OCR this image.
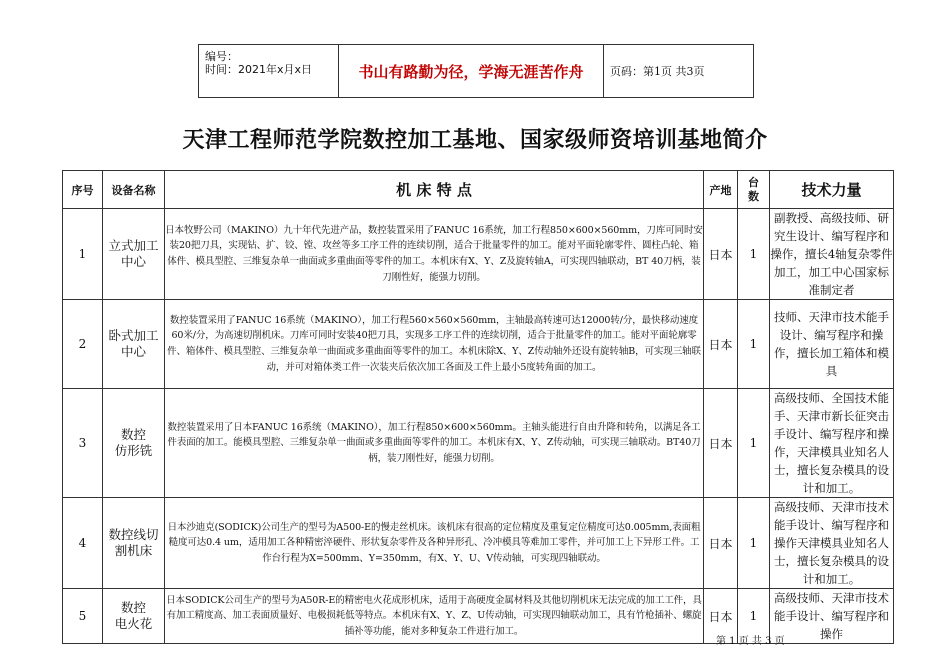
编号：
时间：2021年x月x日	书山有路勤为径，学海无涯苦作舟	页码：第1页 共3页
天津工程师范学院数控加工基地、国家级师资培训基地简介
序号	设备名称	机 床 特 点	产地	台数	技术力量
1	立式加工
中心	日本牧野公司（MAKINO）九十年代先进产品，数控装置采用了FANUC 16系统，加工行程850×600×560mm，刀库可同时安装20把刀具，实现钻、扩、铰、镗、攻丝等多工序工件的连续切削，适合于批量零件的加工。能对平面轮廓零件、圆柱凸轮、箱体件、模具型腔、三维复杂单一曲面或多重曲面等零件的加工。本机床有X、Y、Z及旋转轴A，可实现四轴联动，BT 40刀柄，装刀刚性好，能强力切削。	日本	1	副教授、高级技师、研究生设计、编写程序和操作，擅长4轴复杂零件加工，加工中心国家标准制定者
2	卧式加工
中心	数控装置采用了FANUC 16系统（MAKINO），加工行程560×560×560mm，主轴最高转速可达12000转/分，最快移动速度60米/分，为高速切削机床。刀库可同时安装40把刀具，实现多工序工件的连续切削，适合于批量零件的加工。能对平面轮廓零件、箱体件、模具型腔、三维复杂单一曲面或多重曲面等零件的加工。本机床除X、Y、Z传动轴外还设有旋转轴B，可实现三轴联动，并可对箱体类工件一次装夹后依次加工各面及工件上最小5度转角面的加工。	日本	1	技师、天津市技术能手设计、编写程序和操作，擅长加工箱体和模具
3	数控
仿形铣	数控装置采用了日本FANUC 16系统（MAKINO），加工行程850×600×560mm。主轴头能进行自由升降和转角，以满足各工件表面的加工。能模具型腔、三维复杂单一曲面或多重曲面等零件的加工。本机床有X、Y、Z传动轴，可实现三轴联动。BT40刀柄，装刀刚性好，能强力切削。	日本	1	高级技师、全国技术能手、天津市新长征突击手设计、编写程序和操作，天津模具业知名人士，擅长复杂模具的设计和加工。
4	数控线切
割机床	日本沙迪克(SODICK)公司生产的型号为A500-E的慢走丝机床。该机床有很高的定位精度及重复定位精度可达0.005mm,表面粗糙度可达0.4 um，适用加工各种精密淬硬件、形状复杂零件及各种异形孔、冷冲模具等难加工零件，并可加工上下异形工件。工作台行程为X=500mm、Y=350mm，有X、Y、U、V传动轴，可实现四轴联动。	日本	1	高级技师、天津市技术能手设计、编写程序和操作天津模具业知名人士，擅长复杂模具的设计和加工。
5	数控
电火花	日本SODICK公司生产的型号为A50R-E的精密电火花成形机床，适用于高硬度金属材料及其他切削机床无法完成的加工工件，具有加工精度高、加工表面质量好、电极损耗低等特点。本机床有X、Y、Z、U传动轴，可实现四轴联动加工，具有竹枪插补、螺旋插补等功能，能对多种复杂工件进行加工。	日本	1	高级技师、天津市技术能手设计、编写程序和操作
第 1 页 共 3 页
